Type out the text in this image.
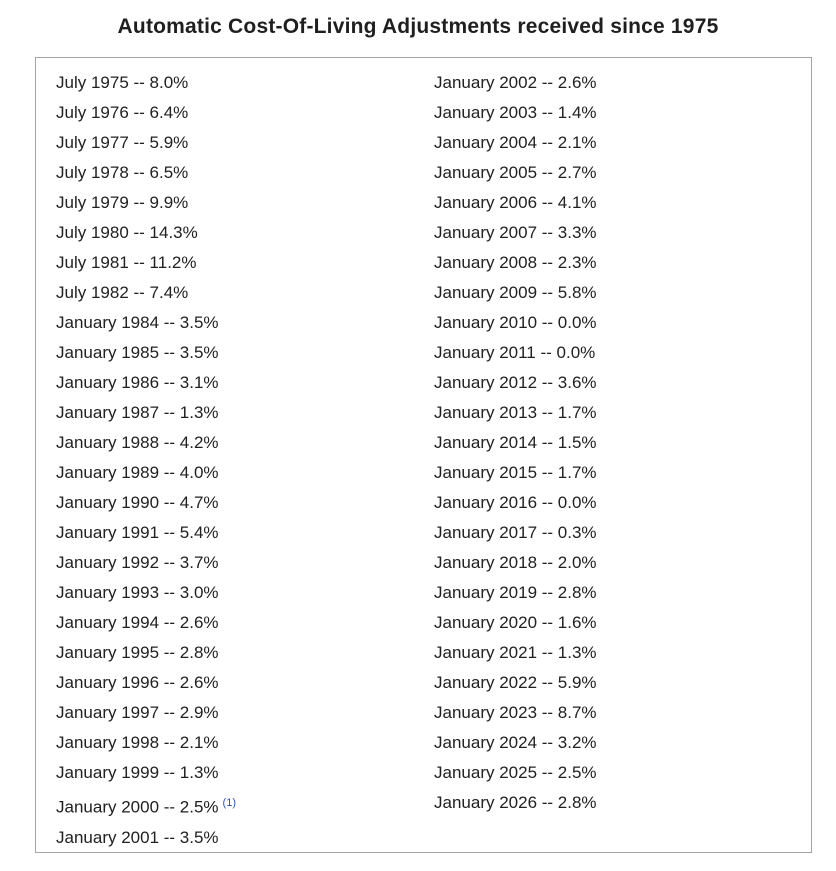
Automatic Cost-Of-Living Adjustments received since 1975
July 1975 -- 8.0%
July 1976 -- 6.4%
July 1977 -- 5.9%
July 1978 -- 6.5%
July 1979 -- 9.9%
July 1980 -- 14.3%
July 1981 -- 11.2%
July 1982 -- 7.4%
January 1984 -- 3.5%
January 1985 -- 3.5%
January 1986 -- 3.1%
January 1987 -- 1.3%
January 1988 -- 4.2%
January 1989 -- 4.0%
January 1990 -- 4.7%
January 1991 -- 5.4%
January 1992 -- 3.7%
January 1993 -- 3.0%
January 1994 -- 2.6%
January 1995 -- 2.8%
January 1996 -- 2.6%
January 1997 -- 2.9%
January 1998 -- 2.1%
January 1999 -- 1.3%
January 2000 -- 2.5% $^{(1)}$
January 2001 -- 3.5%
January 2002 -- 2.6%
January 2003 -- 1.4%
January 2004 -- 2.1%
January 2005 -- 2.7%
January 2006 -- 4.1%
January 2007 -- 3.3%
January 2008 -- 2.3%
January 2009 -- 5.8%
January 2010 -- 0.0%
January 2011 -- 0.0%
January 2012 -- 3.6%
January 2013 -- 1.7%
January 2014 -- 1.5%
January 2015 -- 1.7%
January 2016 -- 0.0%
January 2017 -- 0.3%
January 2018 -- 2.0%
January 2019 -- 2.8%
January 2020 -- 1.6%
January 2021 -- 1.3%
January 2022 -- 5.9%
January 2023 -- 8.7%
January 2024 -- 3.2%
January 2025 -- 2.5%
January 2026 -- 2.8%
